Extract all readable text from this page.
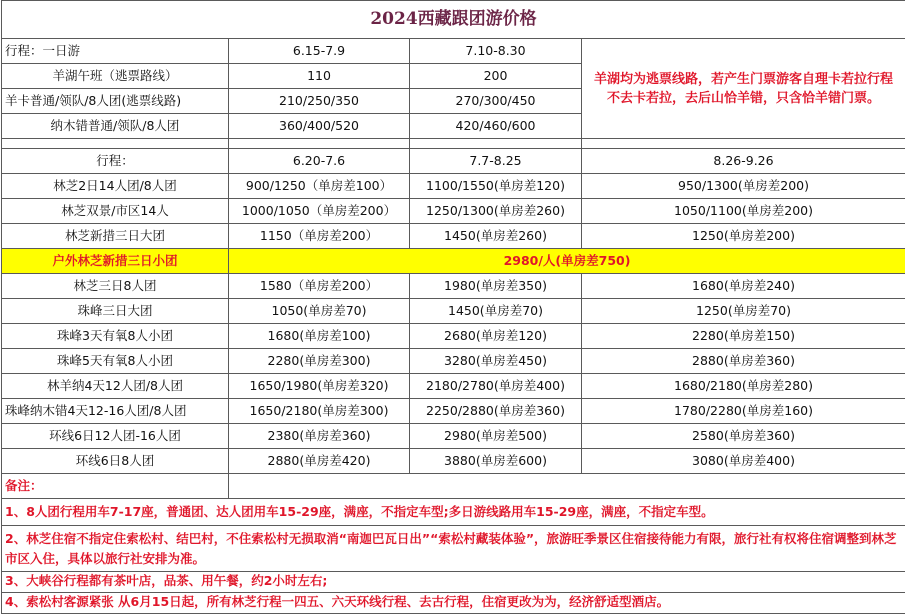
2024西藏跟团游价格			
行程：一日游	6.15-7.9	7.10-8.30	羊湖均为逃票线路，若产生门票游客自理卡若拉行程不去卡若拉，去后山恰羊错，只含恰羊错门票。
羊湖午班（逃票路线）	110	200	
羊卡普通/领队/8人团(逃票线路)	210/250/350	270/300/450	
纳木错普通/领队/8人团	360/400/520	420/460/600	

行程：	6.20-7.6	7.7-8.25	8.26-9.26
林芝2日14人团/8人团	900/1250（单房差100）	1100/1550(单房差120)	950/1300(单房差200)
林芝双景/市区14人	1000/1050（单房差200）	1250/1300(单房差260)	1050/1100(单房差200)
林芝新措三日大团	1150（单房差200）	1450(单房差260)	1250(单房差200)
户外林芝新措三日小团	2980/人(单房差750)		
林芝三日8人团	1580（单房差200）	1980(单房差350)	1680(单房差240)
珠峰三日大团	1050(单房差70)	1450(单房差70)	1250(单房差70)
珠峰3天有氧8人小团	1680(单房差100)	2680(单房差120)	2280(单房差150)
珠峰5天有氧8人小团	2280(单房差300)	3280(单房差450)	2880(单房差360)
林羊纳4天12人团/8人团	1650/1980(单房差320)	2180/2780(单房差400)	1680/2180(单房差280)
珠峰纳木错4天12-16人团/8人团	1650/2180(单房差300)	2250/2880(单房差360)	1780/2280(单房差160)
环线6日12人团-16人团	2380(单房差360)	2980(单房差500)	2580(单房差360)
环线6日8人团	2880(单房差420)	3880(单房差600)	3080(单房差400)
备注：			
1、8人团行程用车7-17座，普通团、达人团用车15-29座，满座，不指定车型;多日游线路用车15-29座，满座，不指定车型。			
2、林芝住宿不指定住索松村、结巴村，不住索松村无损取消“南迦巴瓦日出”“索松村藏装体验”，旅游旺季景区住宿接待能力有限，旅行社有权将住宿调整到林芝市区入住，具体以旅行社安排为准。			
3、大峡谷行程都有茶叶店，品茶、用午餐，约2小时左右;			
4、索松村客源紧张 从6月15日起，所有林芝行程一四五、六天环线行程、去古行程，住宿更改为为，经济舒适型酒店。			
